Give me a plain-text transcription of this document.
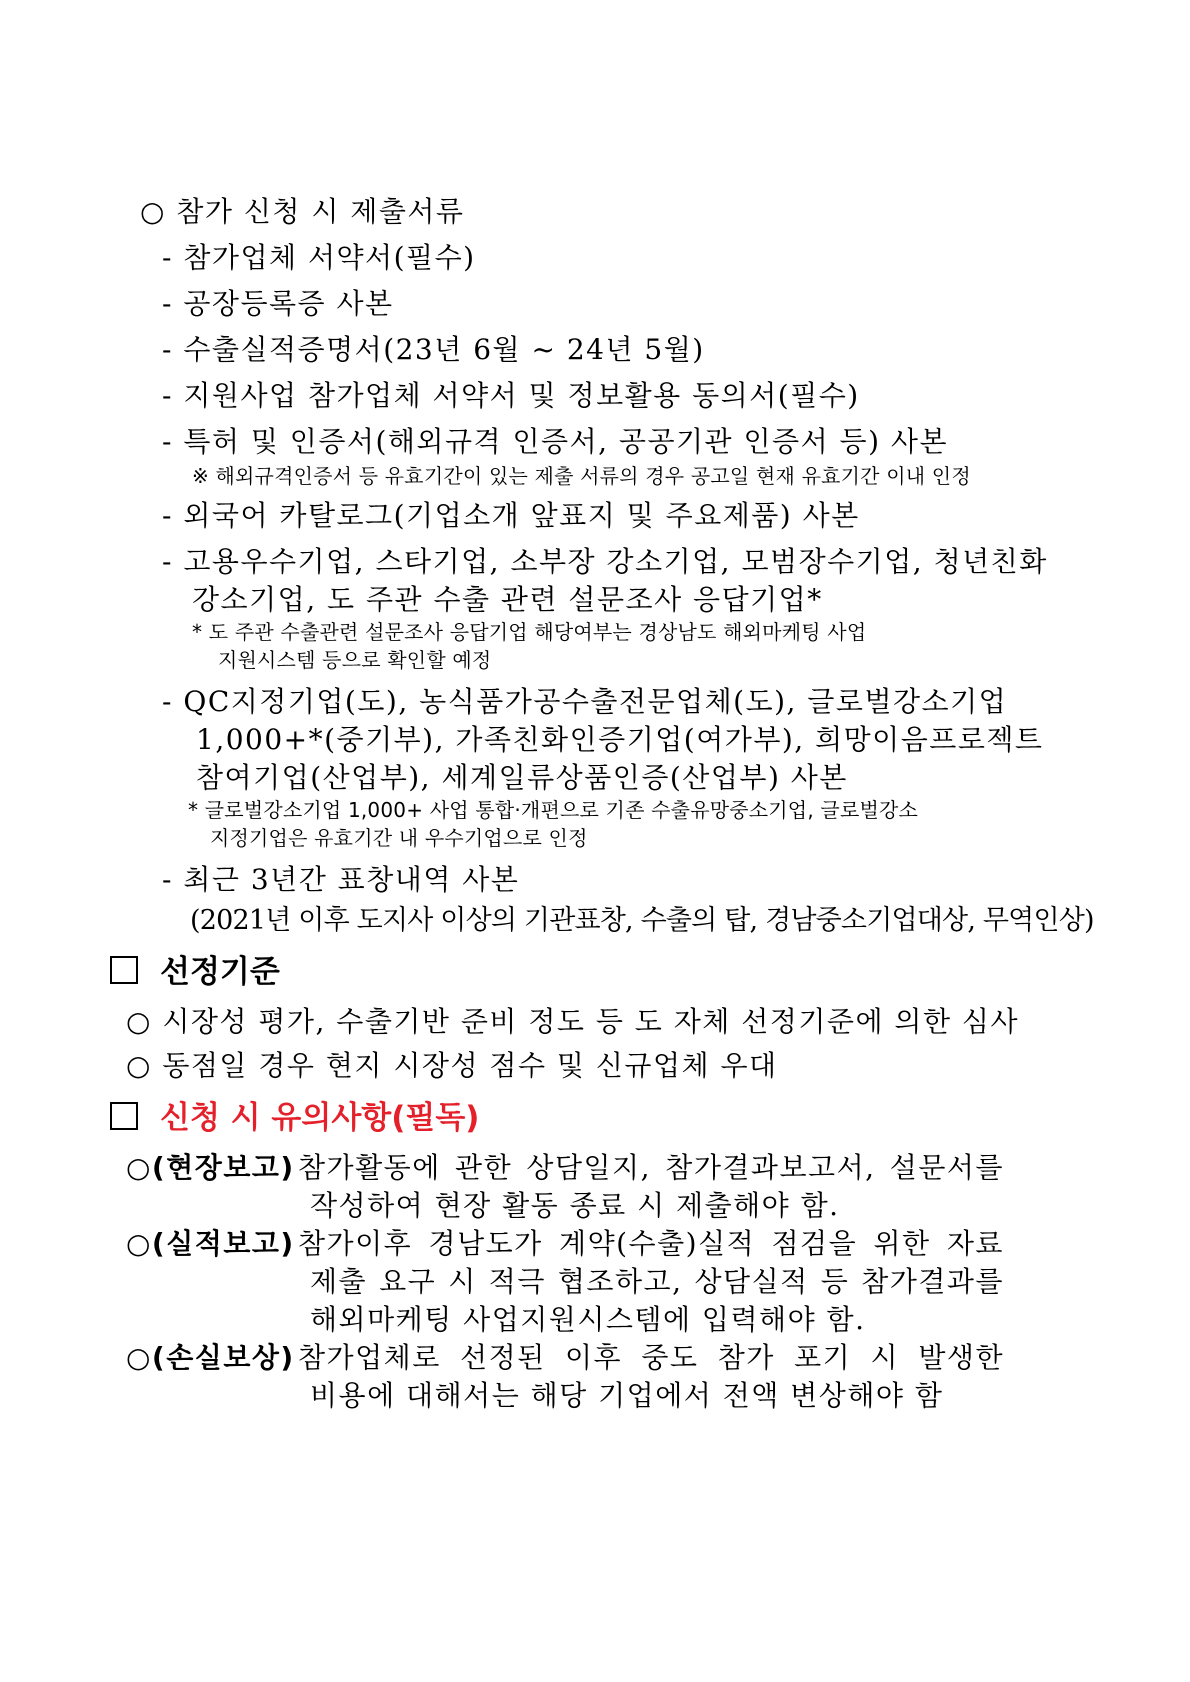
○ 참가 신청 시 제출서류
- 참가업체 서약서(필수)
- 공장등록증 사본
- 수출실적증명서(23년 6월 ~ 24년 5월)
- 지원사업 참가업체 서약서 및 정보활용 동의서(필수)
- 특허 및 인증서(해외규격 인증서, 공공기관 인증서 등) 사본
※ 해외규격인증서 등 유효기간이 있는 제출 서류의 경우 공고일 현재 유효기간 이내 인정
- 외국어 카탈로그(기업소개 앞표지 및 주요제품) 사본
- 고용우수기업, 스타기업, 소부장 강소기업, 모범장수기업, 청년친화
강소기업, 도 주관 수출 관련 설문조사 응답기업*
* 도 주관 수출관련 설문조사 응답기업 해당여부는 경상남도 해외마케팅 사업
지원시스템 등으로 확인할 예정
- QC지정기업(도), 농식품가공수출전문업체(도), 글로벌강소기업
1,000+*(중기부), 가족친화인증기업(여가부), 희망이음프로젝트
참여기업(산업부), 세계일류상품인증(산업부) 사본
* 글로벌강소기업 1,000+ 사업 통합·개편으로 기존 수출유망중소기업, 글로벌강소
지정기업은 유효기간 내 우수기업으로 인정
- 최근 3년간 표창내역 사본
(2021년 이후 도지사 이상의 기관표창, 수출의 탑, 경남중소기업대상, 무역인상)
선정기준
○ 시장성 평가, 수출기반 준비 정도 등 도 자체 선정기준에 의한 심사
○ 동점일 경우 현지 시장성 점수 및 신규업체 우대
신청 시 유의사항(필독)
○(현장보고) 참가활동에 관한 상담일지, 참가결과보고서, 설문서를
작성하여 현장 활동 종료 시 제출해야 함.
○(실적보고) 참가이후 경남도가 계약(수출)실적 점검을 위한 자료
제출 요구 시 적극 협조하고, 상담실적 등 참가결과를
해외마케팅 사업지원시스템에 입력해야 함.
○(손실보상) 참가업체로 선정된 이후 중도 참가 포기 시 발생한
비용에 대해서는 해당 기업에서 전액 변상해야 함
